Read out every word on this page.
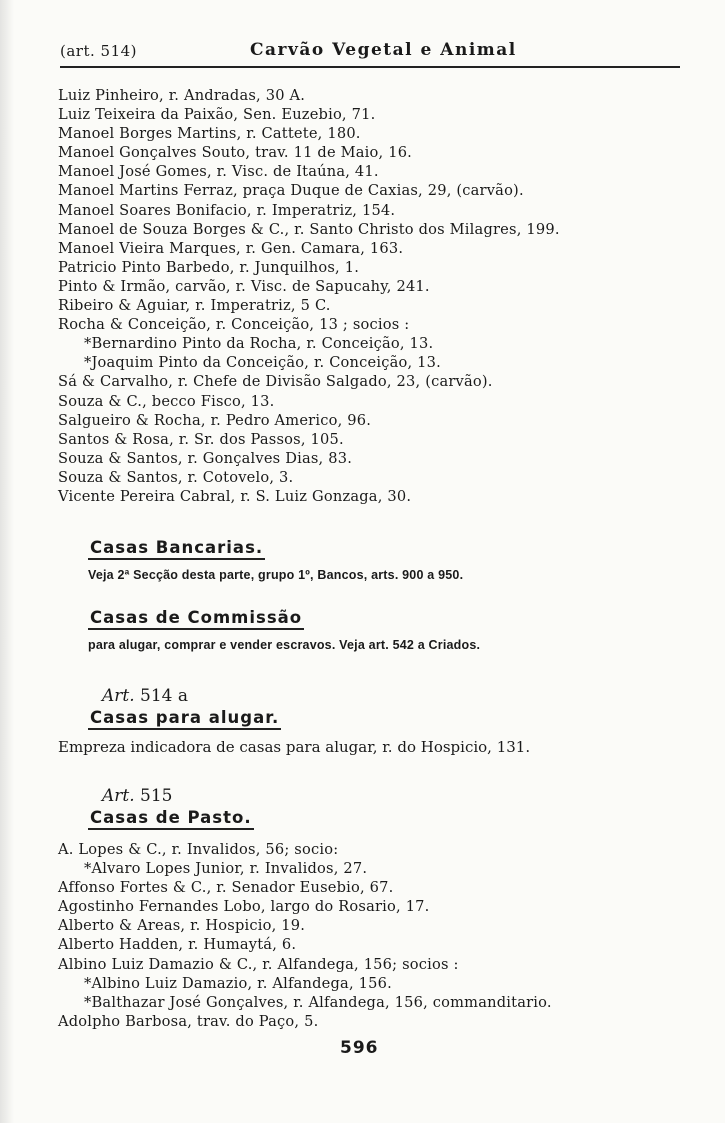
(art. 514)	Carvão Vegetal e Animal
Luiz Pinheiro, r. Andradas, 30 A.
Luiz Teixeira da Paixão, Sen. Euzebio, 71.
Manoel Borges Martins, r. Cattete, 180.
Manoel Gonçalves Souto, trav. 11 de Maio, 16.
Manoel José Gomes, r. Visc. de Itaúna, 41.
Manoel Martins Ferraz, praça Duque de Caxias, 29, (carvão).
Manoel Soares Bonifacio, r. Imperatriz, 154.
Manoel de Souza Borges & C., r. Santo Christo dos Milagres, 199.
Manoel Vieira Marques, r. Gen. Camara, 163.
Patricio Pinto Barbedo, r. Junquilhos, 1.
Pinto & Irmão, carvão, r. Visc. de Sapucahy, 241.
Ribeiro & Aguiar, r. Imperatriz, 5 C.
Rocha & Conceição, r. Conceição, 13 ; socios :
*Bernardino Pinto da Rocha, r. Conceição, 13.
*Joaquim Pinto da Conceição, r. Conceição, 13.
Sá & Carvalho, r. Chefe de Divisão Salgado, 23, (carvão).
Souza & C., becco Fisco, 13.
Salgueiro & Rocha, r. Pedro Americo, 96.
Santos & Rosa, r. Sr. dos Passos, 105.
Souza & Santos, r. Gonçalves Dias, 83.
Souza & Santos, r. Cotovelo, 3.
Vicente Pereira Cabral, r. S. Luiz Gonzaga, 30.
Casas Bancarias.
Veja 2ª Secção desta parte, grupo 1º, Bancos, arts. 900 a 950.
Casas de Commissão
para alugar, comprar e vender escravos. Veja art. 542 a Criados.
Art. 514 a
Casas para alugar.
Empreza indicadora de casas para alugar, r. do Hospicio, 131.
Art. 515
Casas de Pasto.
A. Lopes & C., r. Invalidos, 56; socio:
*Alvaro Lopes Junior, r. Invalidos, 27.
Affonso Fortes & C., r. Senador Eusebio, 67.
Agostinho Fernandes Lobo, largo do Rosario, 17.
Alberto & Areas, r. Hospicio, 19.
Alberto Hadden, r. Humaytá, 6.
Albino Luiz Damazio & C., r. Alfandega, 156; socios :
*Albino Luiz Damazio, r. Alfandega, 156.
*Balthazar José Gonçalves, r. Alfandega, 156, commanditario.
Adolpho Barbosa, trav. do Paço, 5.
596
